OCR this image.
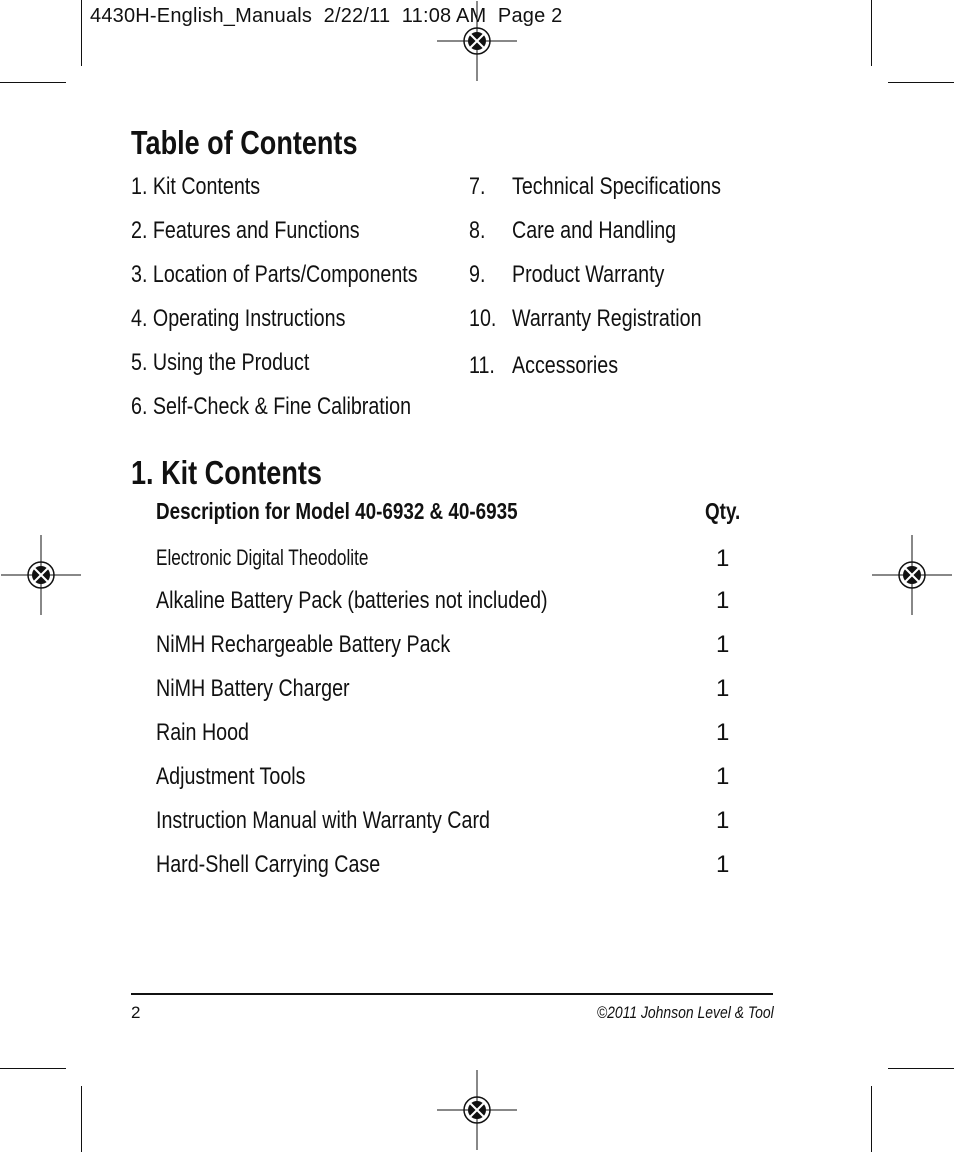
4430H-English_Manuals  2/22/11  11:08 AM  Page 2
Table of Contents
1. Kit Contents
2. Features and Functions
3. Location of Parts/Components
4. Operating Instructions
5. Using the Product
6. Self-Check & Fine Calibration
7. Technical Specifications
8. Care and Handling
9. Product Warranty
10. Warranty Registration
11. Accessories
1. Kit Contents
Description for Model 40-6932 & 40-6935	Qty.
Electronic Digital Theodolite	1
Alkaline Battery Pack (batteries not included)	1
NiMH Rechargeable Battery Pack	1
NiMH Battery Charger	1
Rain Hood	1
Adjustment Tools	1
Instruction Manual with Warranty Card	1
Hard-Shell Carrying Case	1
2	©2011 Johnson Level & Tool
